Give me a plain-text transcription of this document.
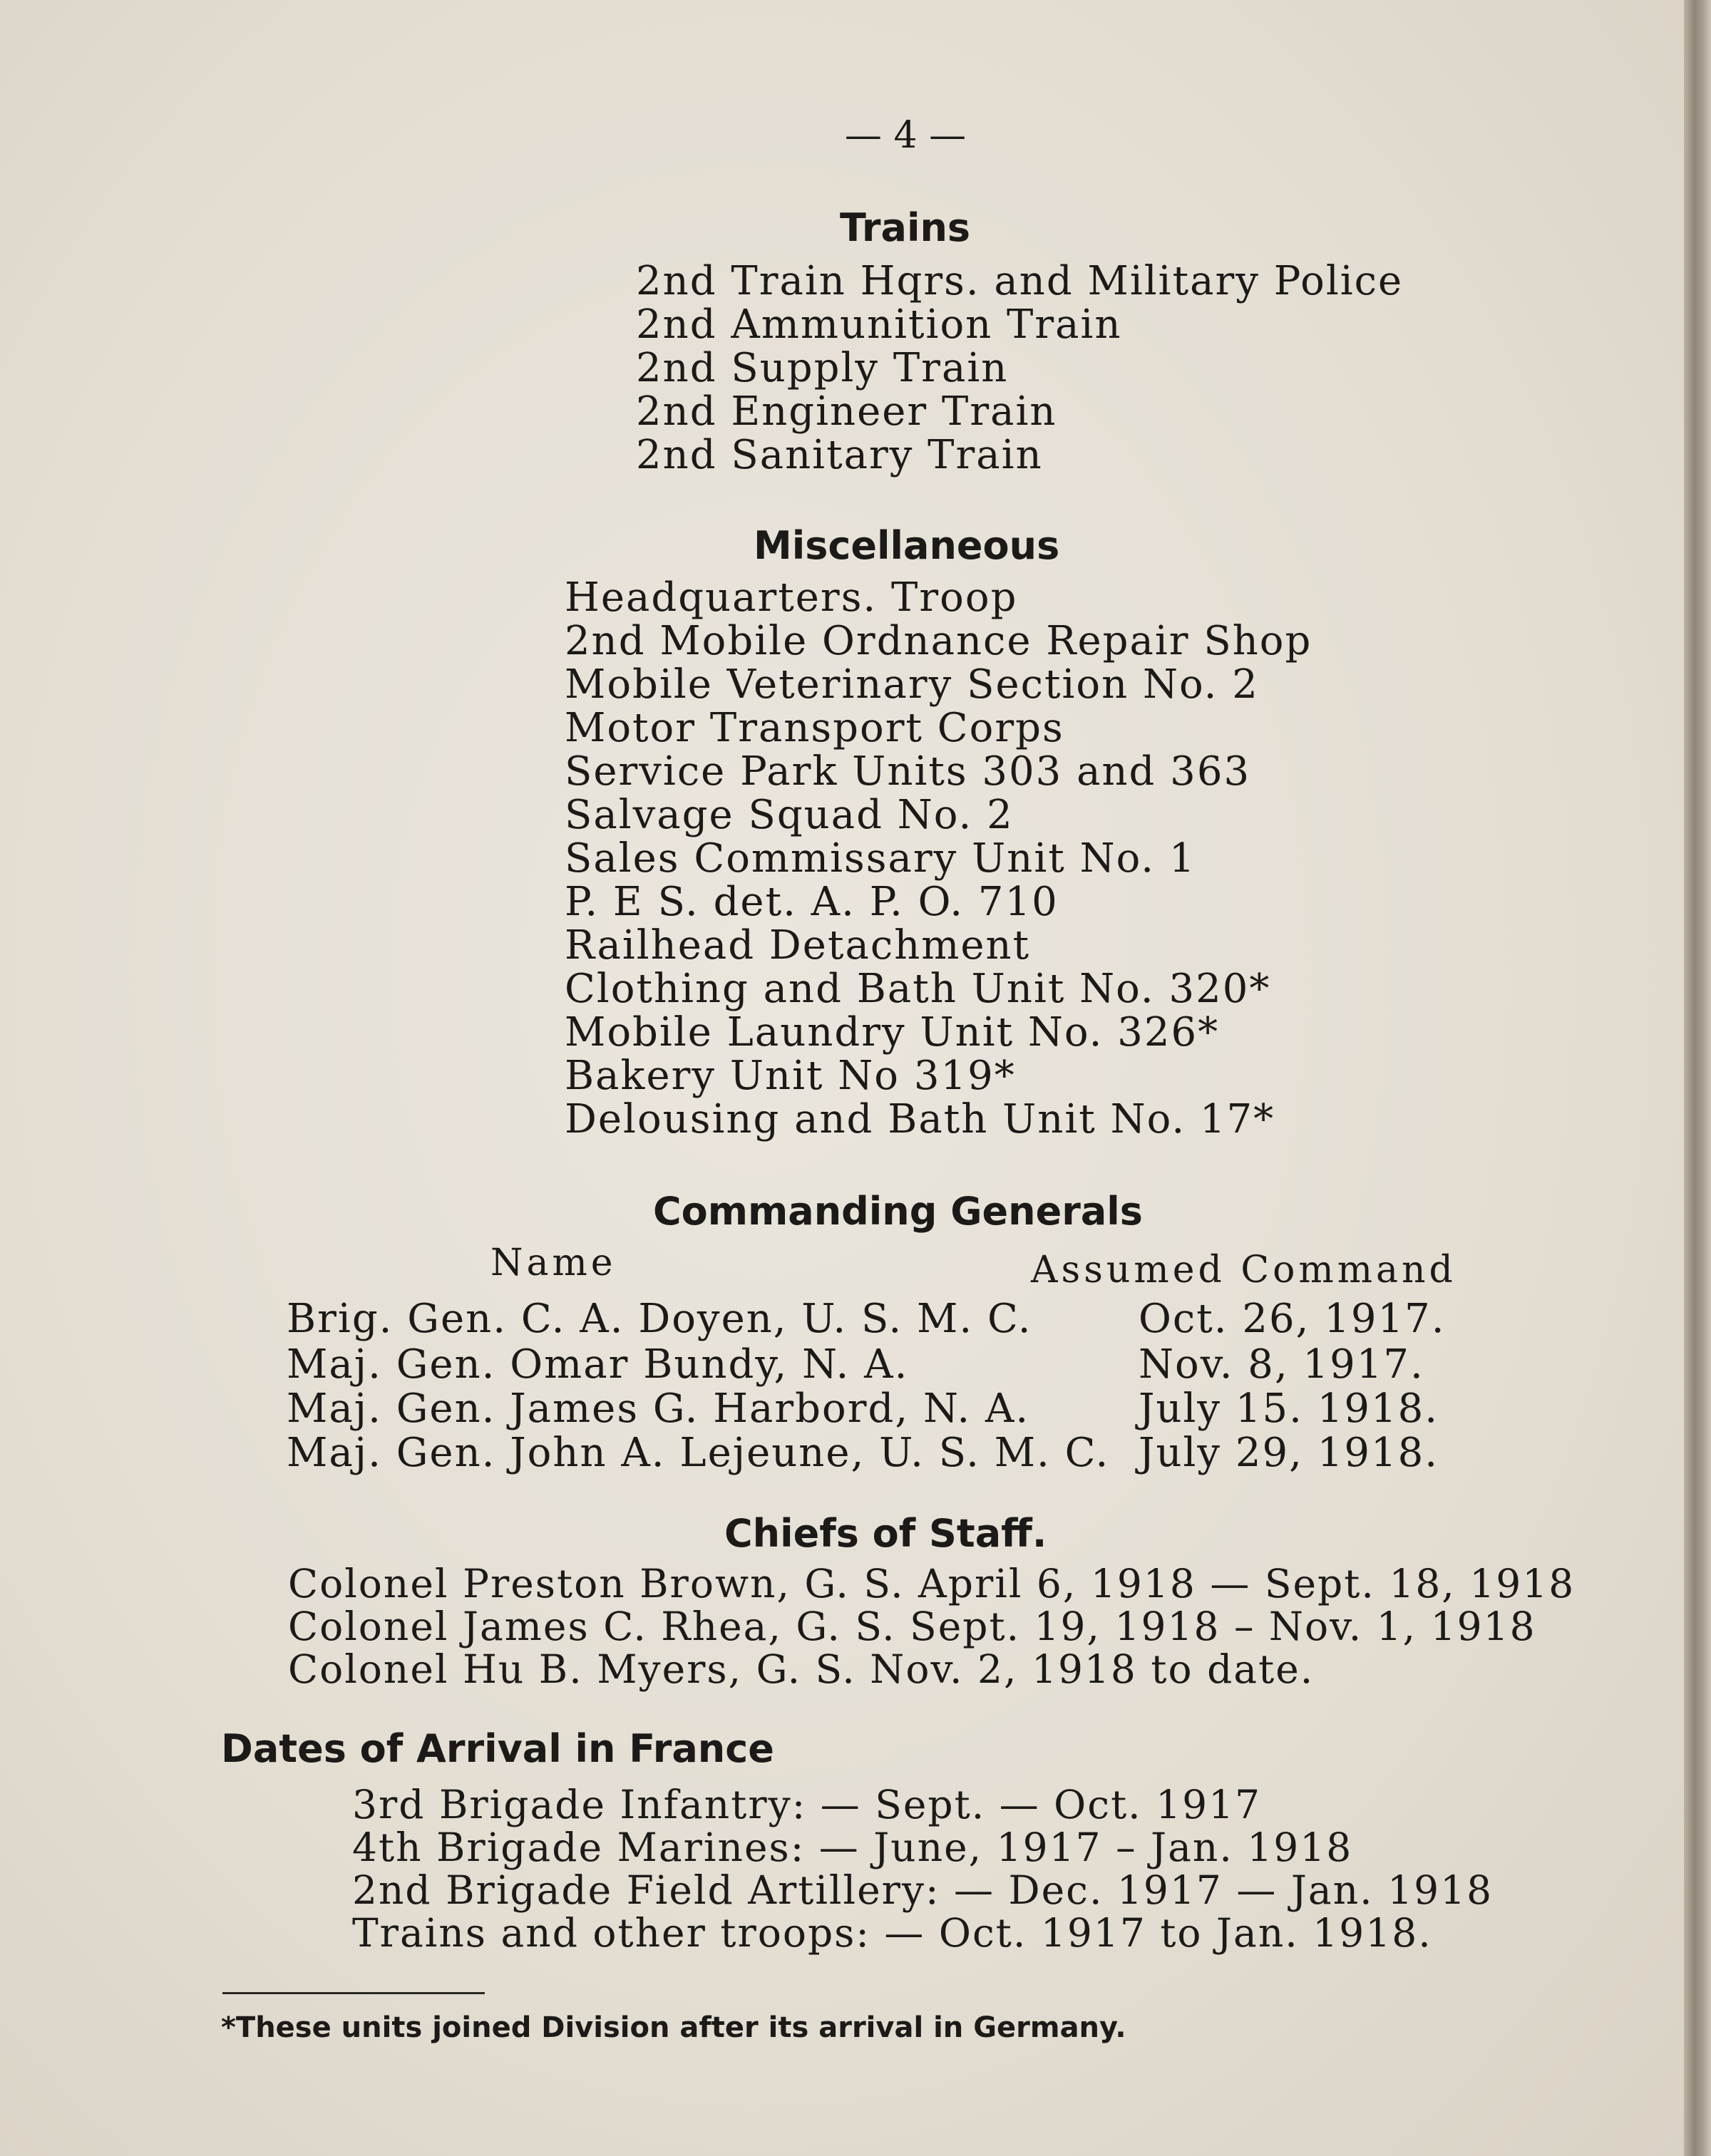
— 4 —
Trains
2nd Train Hqrs. and Military Police
2nd Ammunition Train
2nd Supply Train
2nd Engineer Train
2nd Sanitary Train
Miscellaneous
Headquarters. Troop
2nd Mobile Ordnance Repair Shop
Mobile Veterinary Section No. 2
Motor Transport Corps
Service Park Units 303 and 363
Salvage Squad No. 2
Sales Commissary Unit No. 1
P. E S. det. A. P. O. 710
Railhead Detachment
Clothing and Bath Unit No. 320*
Mobile Laundry Unit No. 326*
Bakery Unit No 319*
Delousing and Bath Unit No. 17*
Commanding Generals
Name	Assumed Command
Brig. Gen. C. A. Doyen, U. S. M. C.	Oct. 26, 1917.
Maj. Gen. Omar Bundy, N. A.	Nov. 8, 1917.
Maj. Gen. James G. Harbord, N. A.	July 15. 1918.
Maj. Gen. John A. Lejeune, U. S. M. C. July 29, 1918.
Chiefs of Staff.
Colonel Preston Brown, G. S. April 6, 1918 — Sept. 18, 1918
Colonel James C. Rhea, G. S. Sept. 19, 1918 – Nov. 1, 1918
Colonel Hu B. Myers, G. S. Nov. 2, 1918 to date.
Dates of Arrival in France
3rd Brigade Infantry: — Sept. — Oct. 1917
4th Brigade Marines: — June, 1917 – Jan. 1918
2nd Brigade Field Artillery: — Dec. 1917 — Jan. 1918
Trains and other troops: — Oct. 1917 to Jan. 1918.
*These units joined Division after its arrival in Germany.
